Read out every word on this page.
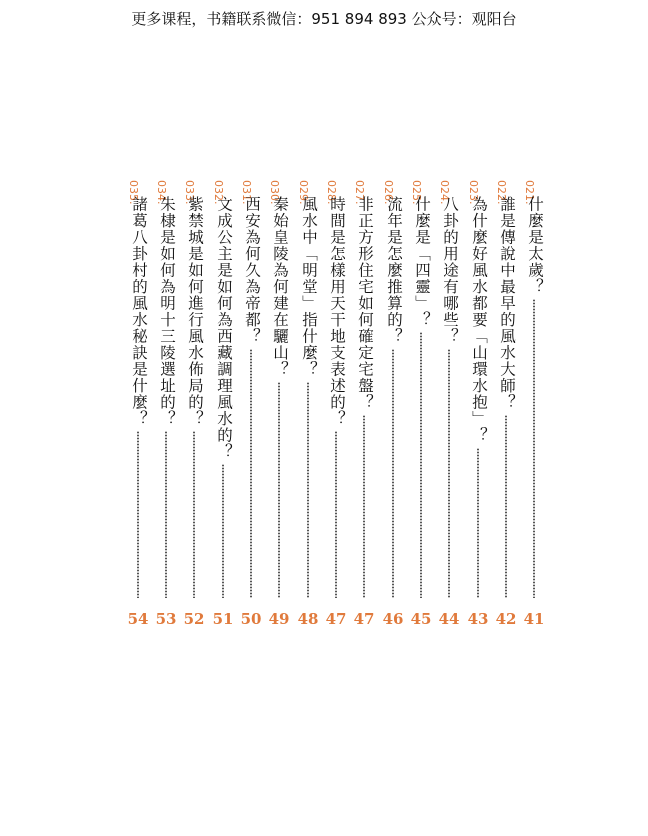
更多课程，书籍联系微信：951 894 893 公众号：观阳台
021.
什麼是太歲？
41
022.
誰是傳說中最早的風水大師？
42
023.
為什麼好風水都要「山環水抱」？
43
024.
八卦的用途有哪些？
44
025.
什麼是「四靈」？
45
026.
流年是怎麼推算的？
46
027.
非正方形住宅如何確定宅盤？
47
028.
時間是怎樣用天干地支表述的？
47
029.
風水中「明堂」指什麼？
48
030.
秦始皇陵為何建在驪山？
49
031.
西安為何久為帝都？
50
032.
文成公主是如何為西藏調理風水的？
51
033.
紫禁城是如何進行風水佈局的？
52
034.
朱棣是如何為明十三陵選址的？
53
035.
諸葛八卦村的風水秘訣是什麼？
54
